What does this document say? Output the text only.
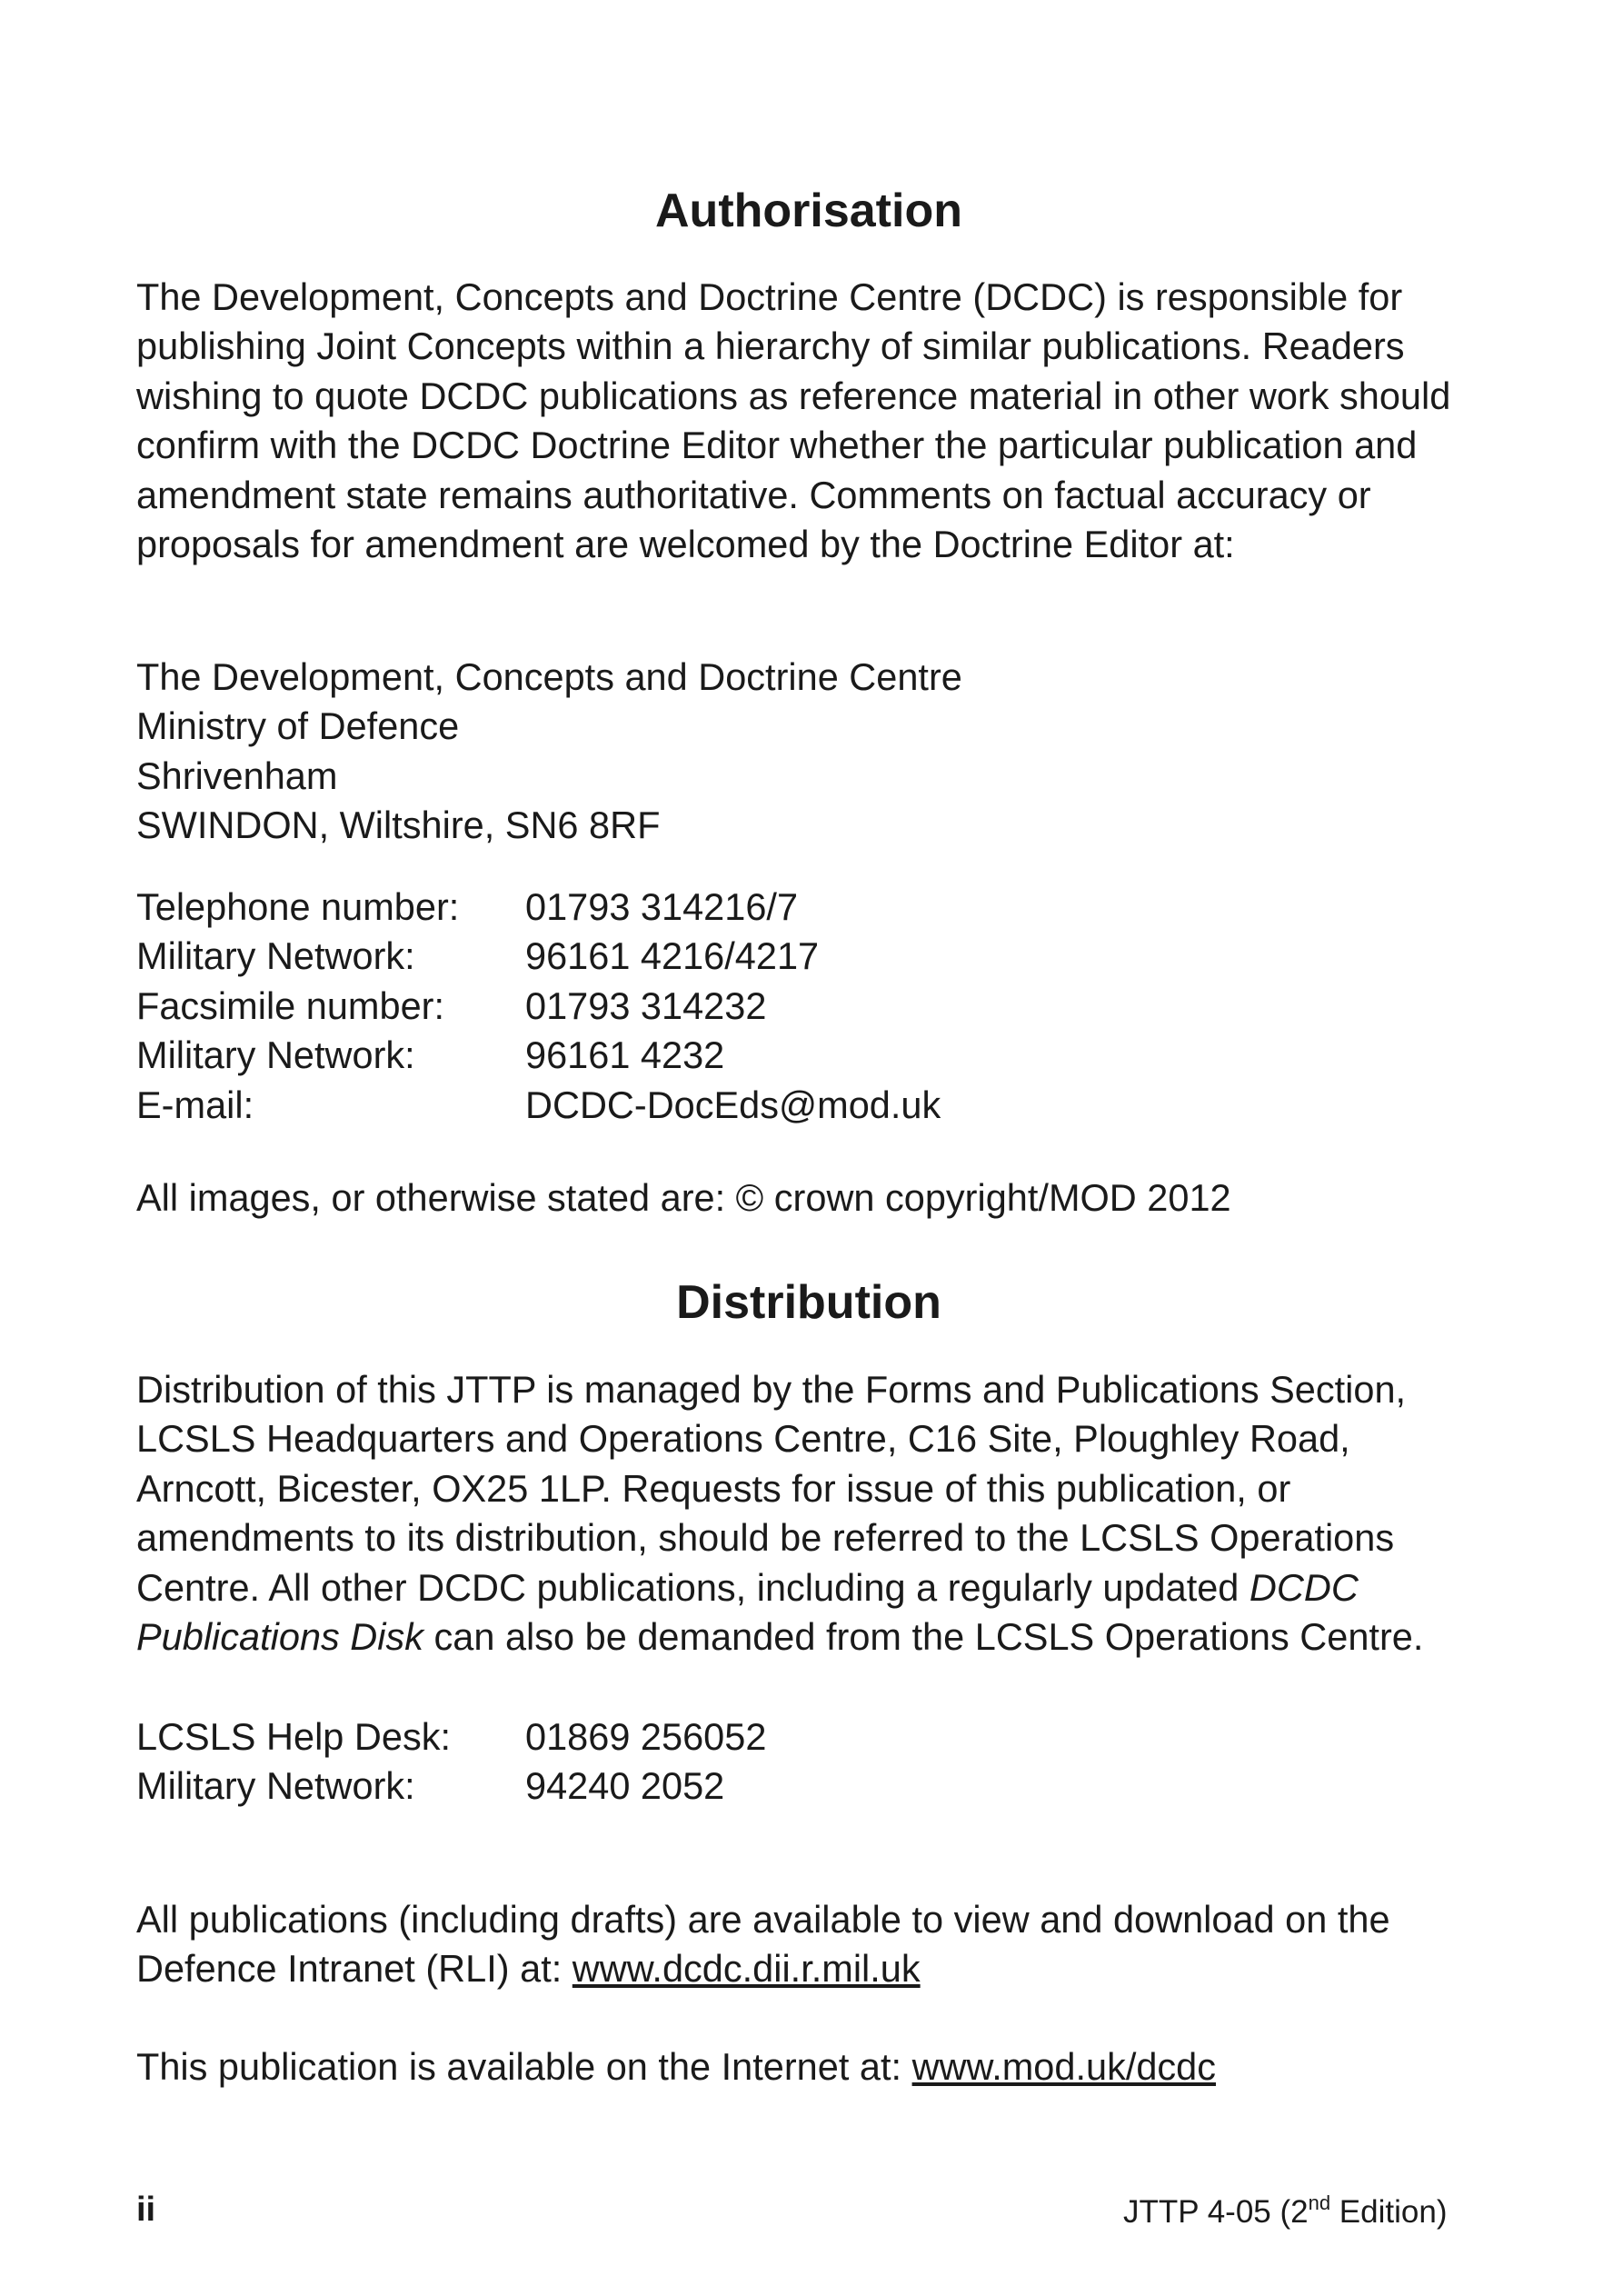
Authorisation
The Development, Concepts and Doctrine Centre (DCDC) is responsible for
publishing Joint Concepts within a hierarchy of similar publications. Readers
wishing to quote DCDC publications as reference material in other work should
confirm with the DCDC Doctrine Editor whether the particular publication and
amendment state remains authoritative. Comments on factual accuracy or
proposals for amendment are welcomed by the Doctrine Editor at:
The Development, Concepts and Doctrine Centre
Ministry of Defence
Shrivenham
SWINDON, Wiltshire, SN6 8RF
Telephone number:	01793 314216/7
Military Network:	96161 4216/4217
Facsimile number:	01793 314232
Military Network:	96161 4232
E-mail:	DCDC-DocEds@mod.uk
All images, or otherwise stated are: © crown copyright/MOD 2012
Distribution
Distribution of this JTTP is managed by the Forms and Publications Section,
LCSLS Headquarters and Operations Centre, C16 Site, Ploughley Road,
Arncott, Bicester, OX25 1LP. Requests for issue of this publication, or
amendments to its distribution, should be referred to the LCSLS Operations
Centre. All other DCDC publications, including a regularly updated DCDC
Publications Disk can also be demanded from the LCSLS Operations Centre.
LCSLS Help Desk:	01869 256052
Military Network:	94240 2052
All publications (including drafts) are available to view and download on the
Defence Intranet (RLI) at: www.dcdc.dii.r.mil.uk
This publication is available on the Internet at: www.mod.uk/dcdc
ii	JTTP 4-05 (2nd Edition)
